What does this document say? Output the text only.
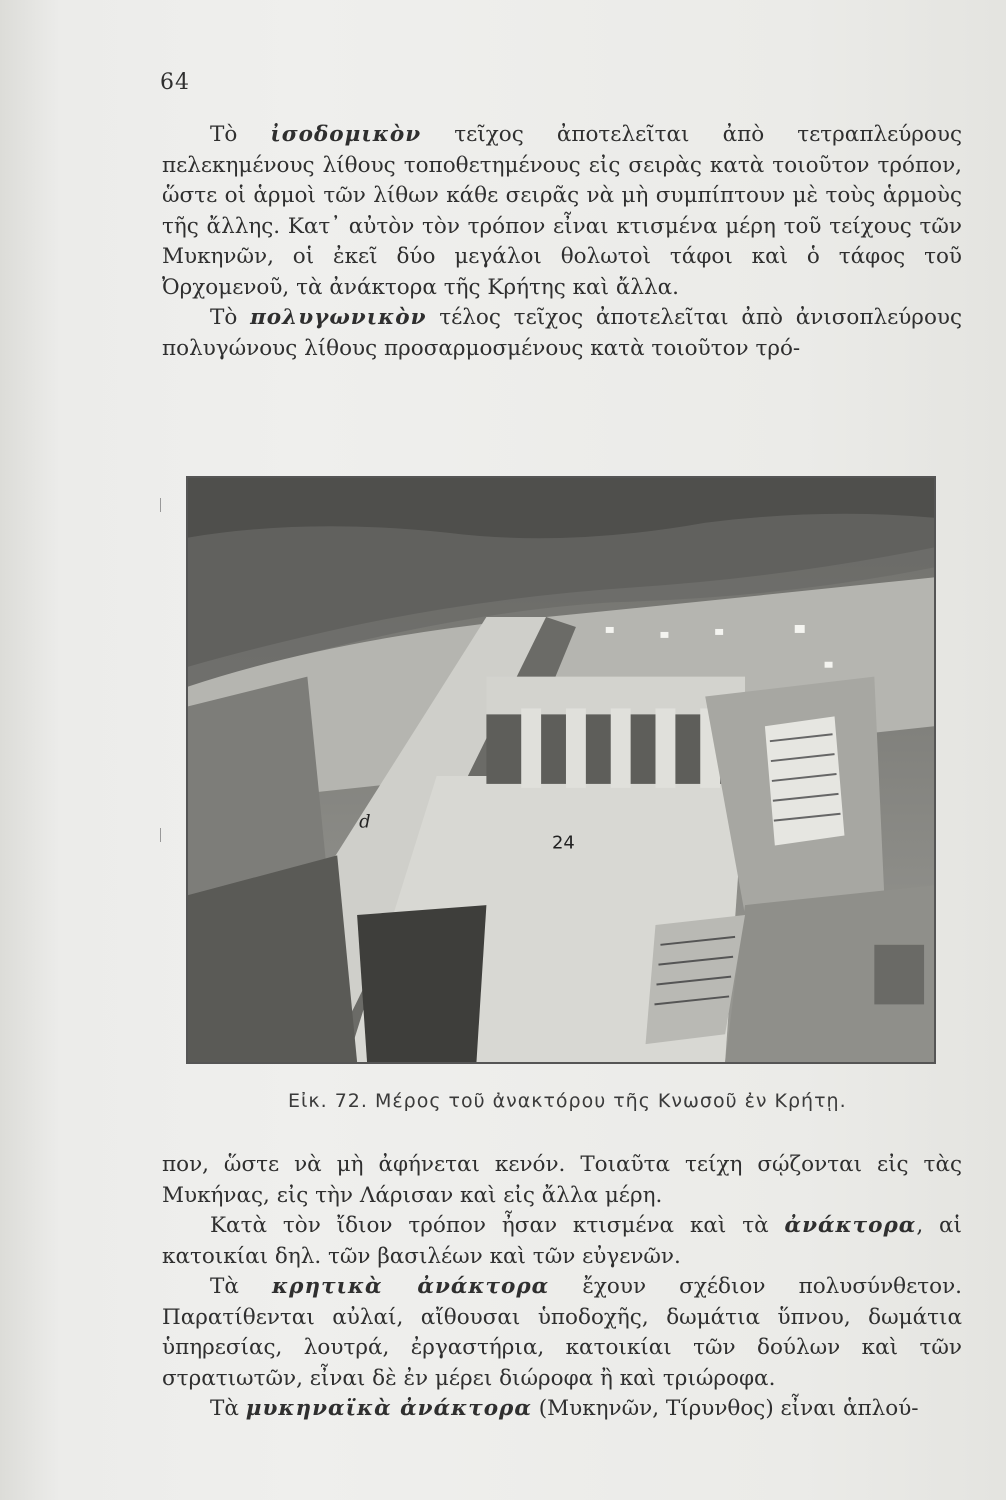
64

Τὸ ἰσοδομικὸν τεῖχος ἀποτελεῖται ἀπὸ τετραπλεύρους πελεκημένους λίθους τοποθετημένους εἰς σειρὰς κατὰ τοιοῦτον τρόπον, ὥστε οἱ ἁρμοὶ τῶν λίθων κάθε σειρᾶς νὰ μὴ συμπίπτουν μὲ τοὺς ἁρμοὺς τῆς ἄλλης. Κατ᾽ αὐτὸν τὸν τρόπον εἶναι κτισμένα μέρη τοῦ τείχους τῶν Μυκηνῶν, οἱ ἐκεῖ δύο μεγάλοι θολωτοὶ τάφοι καὶ ὁ τάφος τοῦ Ὀρχομενοῦ, τὰ ἀνάκτορα τῆς Κρήτης καὶ ἄλλα.

Τὸ πολυγωνικὸν τέλος τεῖχος ἀποτελεῖται ἀπὸ ἀνισοπλεύρους πολυγώνους λίθους προσαρμοσμένους κατὰ τοιοῦτον τρό-

24
d
Εἰκ. 72. Μέρος τοῦ ἀνακτόρου τῆς Κνωσοῦ ἐν Κρήτῃ.

πον, ὥστε νὰ μὴ ἀφήνεται κενόν. Τοιαῦτα τείχη σῴζονται εἰς τὰς Μυκήνας, εἰς τὴν Λάρισαν καὶ εἰς ἄλλα μέρη.

Κατὰ τὸν ἴδιον τρόπον ἦσαν κτισμένα καὶ τὰ ἀνάκτορα, αἱ κατοικίαι δηλ. τῶν βασιλέων καὶ τῶν εὐγενῶν.

Τὰ κρητικὰ ἀνάκτορα ἔχουν σχέδιον πολυσύνθετον. Παρατίθενται αὐλαί, αἴθουσαι ὑποδοχῆς, δωμάτια ὕπνου, δωμάτια ὑπηρεσίας, λουτρά, ἐργαστήρια, κατοικίαι τῶν δούλων καὶ τῶν στρατιωτῶν, εἶναι δὲ ἐν μέρει διώροφα ἢ καὶ τριώροφα.

Τὰ μυκηναϊκὰ ἀνάκτορα (Μυκηνῶν, Τίρυνθος) εἶναι ἁπλού-
